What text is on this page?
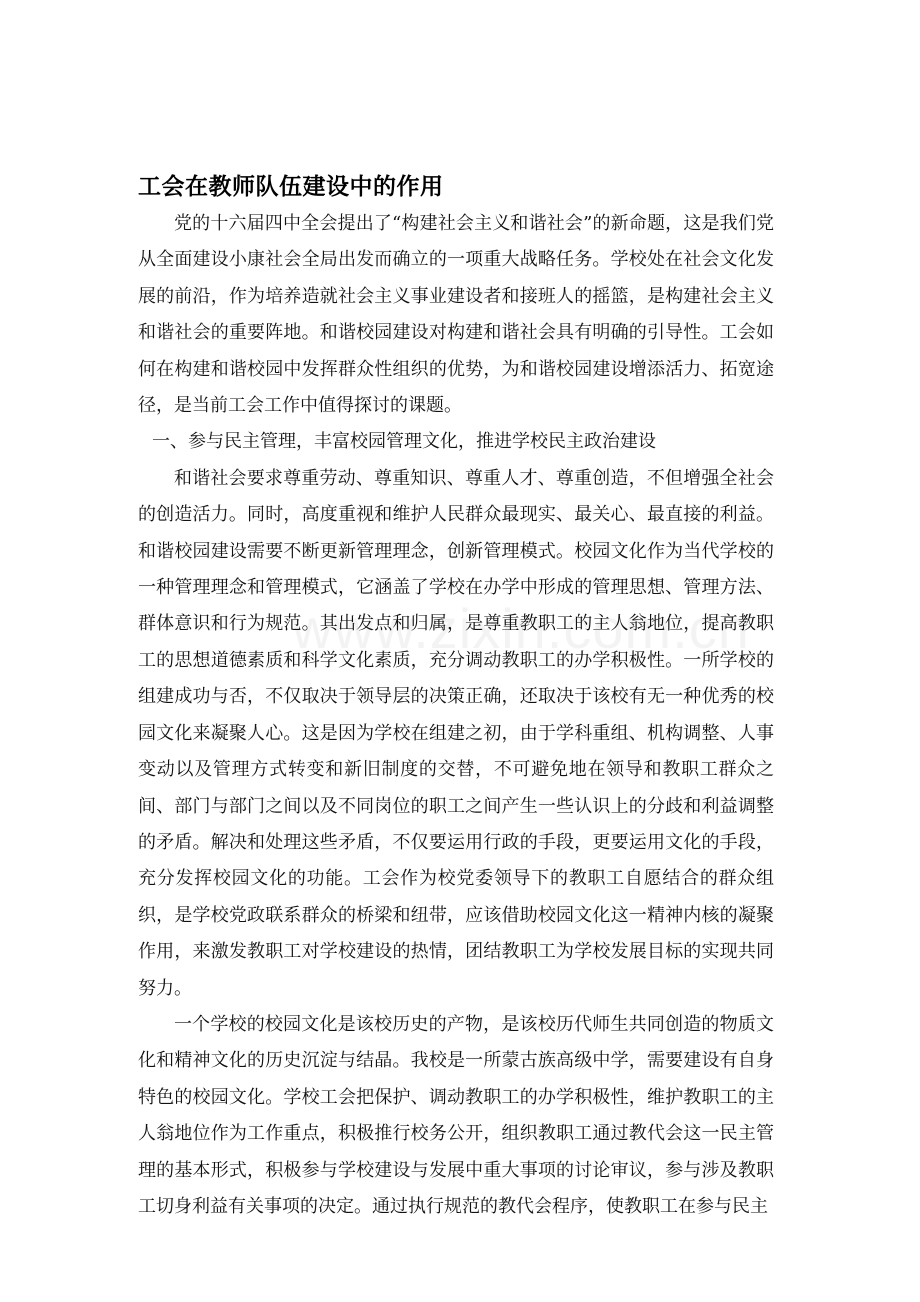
工会在教师队伍建设中的作用

党的十六届四中全会提出了“构建社会主义和谐社会”的新命题，这是我们党从全面建设小康社会全局出发而确立的一项重大战略任务。学校处在社会文化发展的前沿，作为培养造就社会主义事业建设者和接班人的摇篮，是构建社会主义和谐社会的重要阵地。和谐校园建设对构建和谐社会具有明确的引导性。工会如何在构建和谐校园中发挥群众性组织的优势，为和谐校园建设增添活力、拓宽途径，是当前工会工作中值得探讨的课题。

一、参与民主管理，丰富校园管理文化，推进学校民主政治建设

和谐社会要求尊重劳动、尊重知识、尊重人才、尊重创造，不但增强全社会的创造活力。同时，高度重视和维护人民群众最现实、最关心、最直接的利益。和谐校园建设需要不断更新管理理念，创新管理模式。校园文化作为当代学校的一种管理理念和管理模式，它涵盖了学校在办学中形成的管理思想、管理方法、群体意识和行为规范。其出发点和归属，是尊重教职工的主人翁地位，提高教职工的思想道德素质和科学文化素质，充分调动教职工的办学积极性。一所学校的组建成功与否，不仅取决于领导层的决策正确，还取决于该校有无一种优秀的校园文化来凝聚人心。这是因为学校在组建之初，由于学科重组、机构调整、人事变动以及管理方式转变和新旧制度的交替，不可避免地在领导和教职工群众之间、部门与部门之间以及不同岗位的职工之间产生一些认识上的分歧和利益调整的矛盾。解决和处理这些矛盾，不仅要运用行政的手段，更要运用文化的手段，充分发挥校园文化的功能。工会作为校党委领导下的教职工自愿结合的群众组织，是学校党政联系群众的桥梁和纽带，应该借助校园文化这一精神内核的凝聚作用，来激发教职工对学校建设的热情，团结教职工为学校发展目标的实现共同努力。

一个学校的校园文化是该校历史的产物，是该校历代师生共同创造的物质文化和精神文化的历史沉淀与结晶。我校是一所蒙古族高级中学，需要建设有自身特色的校园文化。学校工会把保护、调动教职工的办学积极性，维护教职工的主人翁地位作为工作重点，积极推行校务公开，组织教职工通过教代会这一民主管理的基本形式，积极参与学校建设与发展中重大事项的讨论审议，参与涉及教职工切身利益有关事项的决定。通过执行规范的教代会程序，使教职工在参与民主
